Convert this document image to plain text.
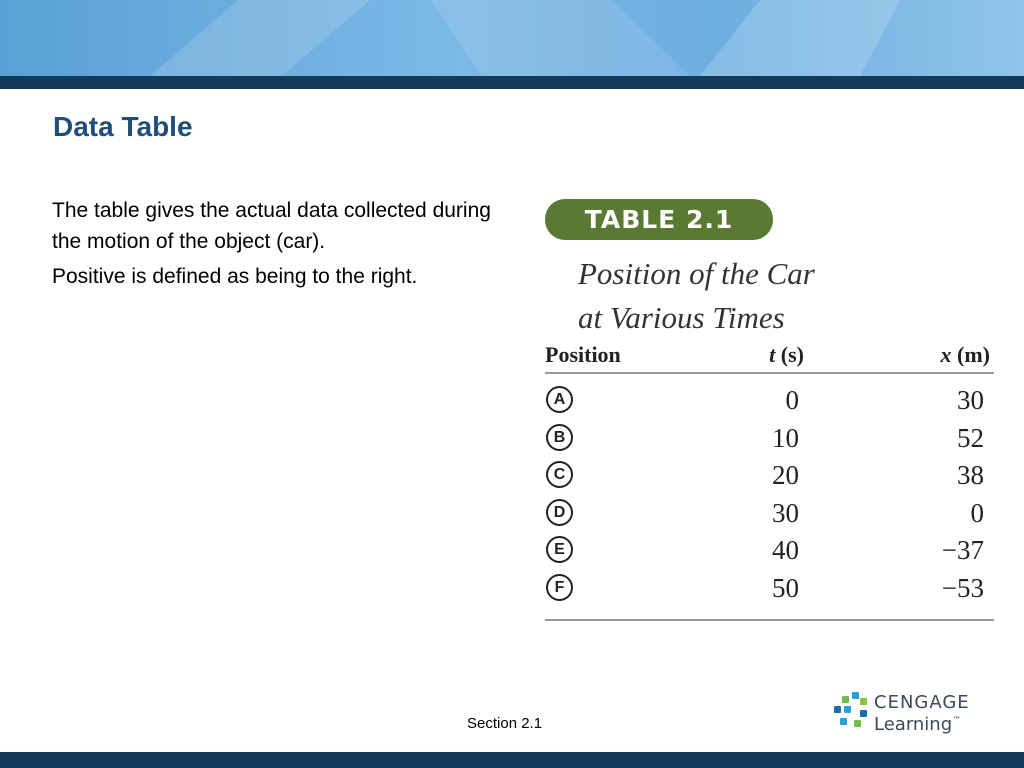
Data Table

The table gives the actual data collected during the motion of the object (car).

Positive is defined as being to the right.

TABLE 2.1
Position of the Car
at Various Times
Position	t (s)	x (m)
A	0	30
B	10	52
C	20	38
D	30	0
E	40	−37
F	50	−53
Section 2.1
CENGAGE
Learning™
